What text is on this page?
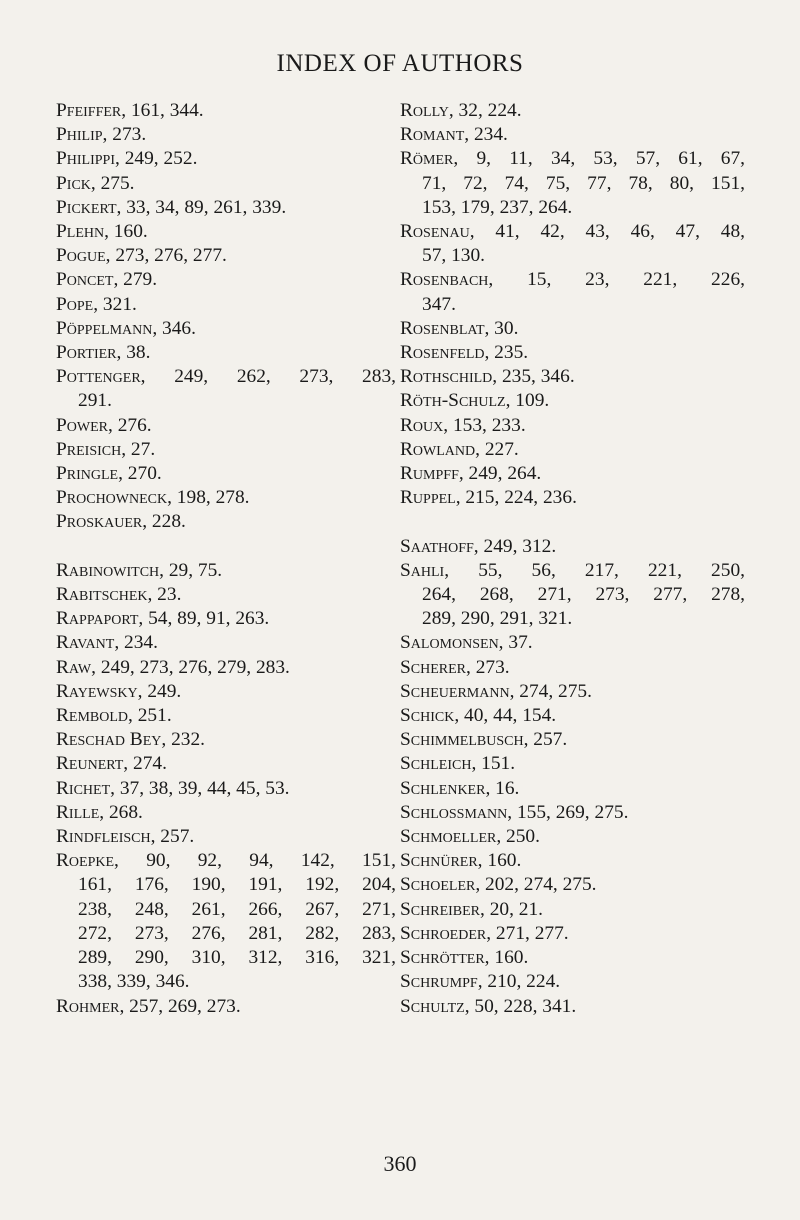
INDEX OF AUTHORS
Pfeiffer, 161, 344.
Philip, 273.
Philippi, 249, 252.
Pick, 275.
Pickert, 33, 34, 89, 261, 339.
Plehn, 160.
Pogue, 273, 276, 277.
Poncet, 279.
Pope, 321.
Pöppelmann, 346.
Portier, 38.
Pottenger, 249, 262, 273, 283,
291.
Power, 276.
Preisich, 27.
Pringle, 270.
Prochowneck, 198, 278.
Proskauer, 228.
Rabinowitch, 29, 75.
Rabitschek, 23.
Rappaport, 54, 89, 91, 263.
Ravant, 234.
Raw, 249, 273, 276, 279, 283.
Rayewsky, 249.
Rembold, 251.
Reschad Bey, 232.
Reunert, 274.
Richet, 37, 38, 39, 44, 45, 53.
Rille, 268.
Rindfleisch, 257.
Roepke, 90, 92, 94, 142, 151,
161, 176, 190, 191, 192, 204,
238, 248, 261, 266, 267, 271,
272, 273, 276, 281, 282, 283,
289, 290, 310, 312, 316, 321,
338, 339, 346.
Rohmer, 257, 269, 273.
Rolly, 32, 224.
Romant, 234.
Römer, 9, 11, 34, 53, 57, 61, 67,
71, 72, 74, 75, 77, 78, 80, 151,
153, 179, 237, 264.
Rosenau, 41, 42, 43, 46, 47, 48,
57, 130.
Rosenbach, 15, 23, 221, 226,
347.
Rosenblat, 30.
Rosenfeld, 235.
Rothschild, 235, 346.
Röth-Schulz, 109.
Roux, 153, 233.
Rowland, 227.
Rumpff, 249, 264.
Ruppel, 215, 224, 236.
Saathoff, 249, 312.
Sahli, 55, 56, 217, 221, 250,
264, 268, 271, 273, 277, 278,
289, 290, 291, 321.
Salomonsen, 37.
Scherer, 273.
Scheuermann, 274, 275.
Schick, 40, 44, 154.
Schimmelbusch, 257.
Schleich, 151.
Schlenker, 16.
Schlossmann, 155, 269, 275.
Schmoeller, 250.
Schnürer, 160.
Schoeler, 202, 274, 275.
Schreiber, 20, 21.
Schroeder, 271, 277.
Schrötter, 160.
Schrumpf, 210, 224.
Schultz, 50, 228, 341.
360
